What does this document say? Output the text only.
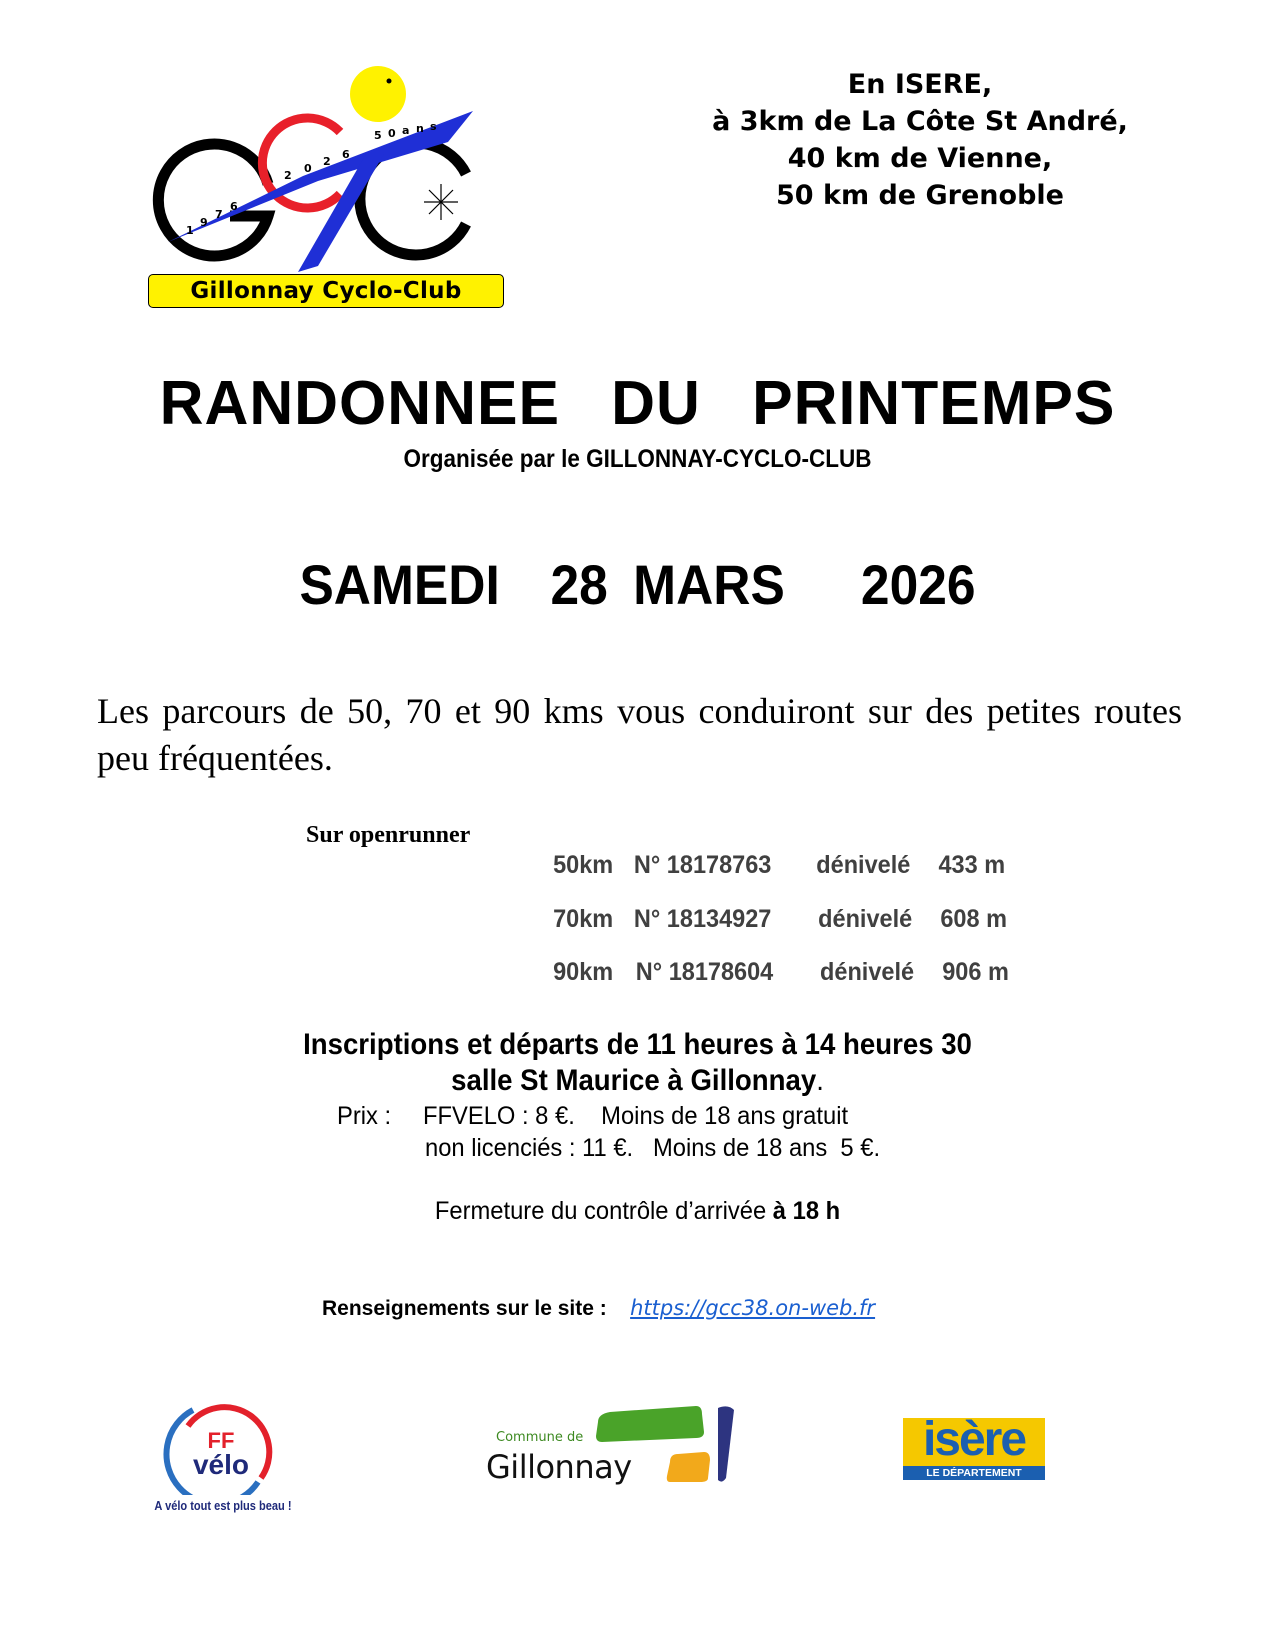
1
9
7
6
2
0
2
6
5 0 a n s
Gillonnay Cyclo-Club
En ISERE,
à 3km de La Côte St André,
40 km de Vienne,
50 km de Grenoble
RANDONNEE DU PRINTEMPS
Organisée par le GILLONNAY-CYCLO-CLUB
SAMEDI  28 MARS   2026
Les parcours de 50, 70 et 90 kms vous conduiront sur des petites routes peu fréquentées.
Sur openrunner

50km N° 18178763 dénivelé 433 m

70km N° 18134927 dénivelé 608 m

90km N° 18178604 dénivelé 906 m

Inscriptions et départs de 11 heures à 14 heures 30
salle St Maurice à Gillonnay.
Prix : FFVELO : 8 €.    Moins de 18 ans gratuit
non licenciés : 11 €.   Moins de 18 ans  5 €.
Fermeture du contrôle d’arrivée à 18 h
Renseignements sur le site : https://gcc38.on-web.fr
FF
vélo
A vélo tout est plus beau !
Commune de
Gillonnay
isère
LE DÉPARTEMENT
